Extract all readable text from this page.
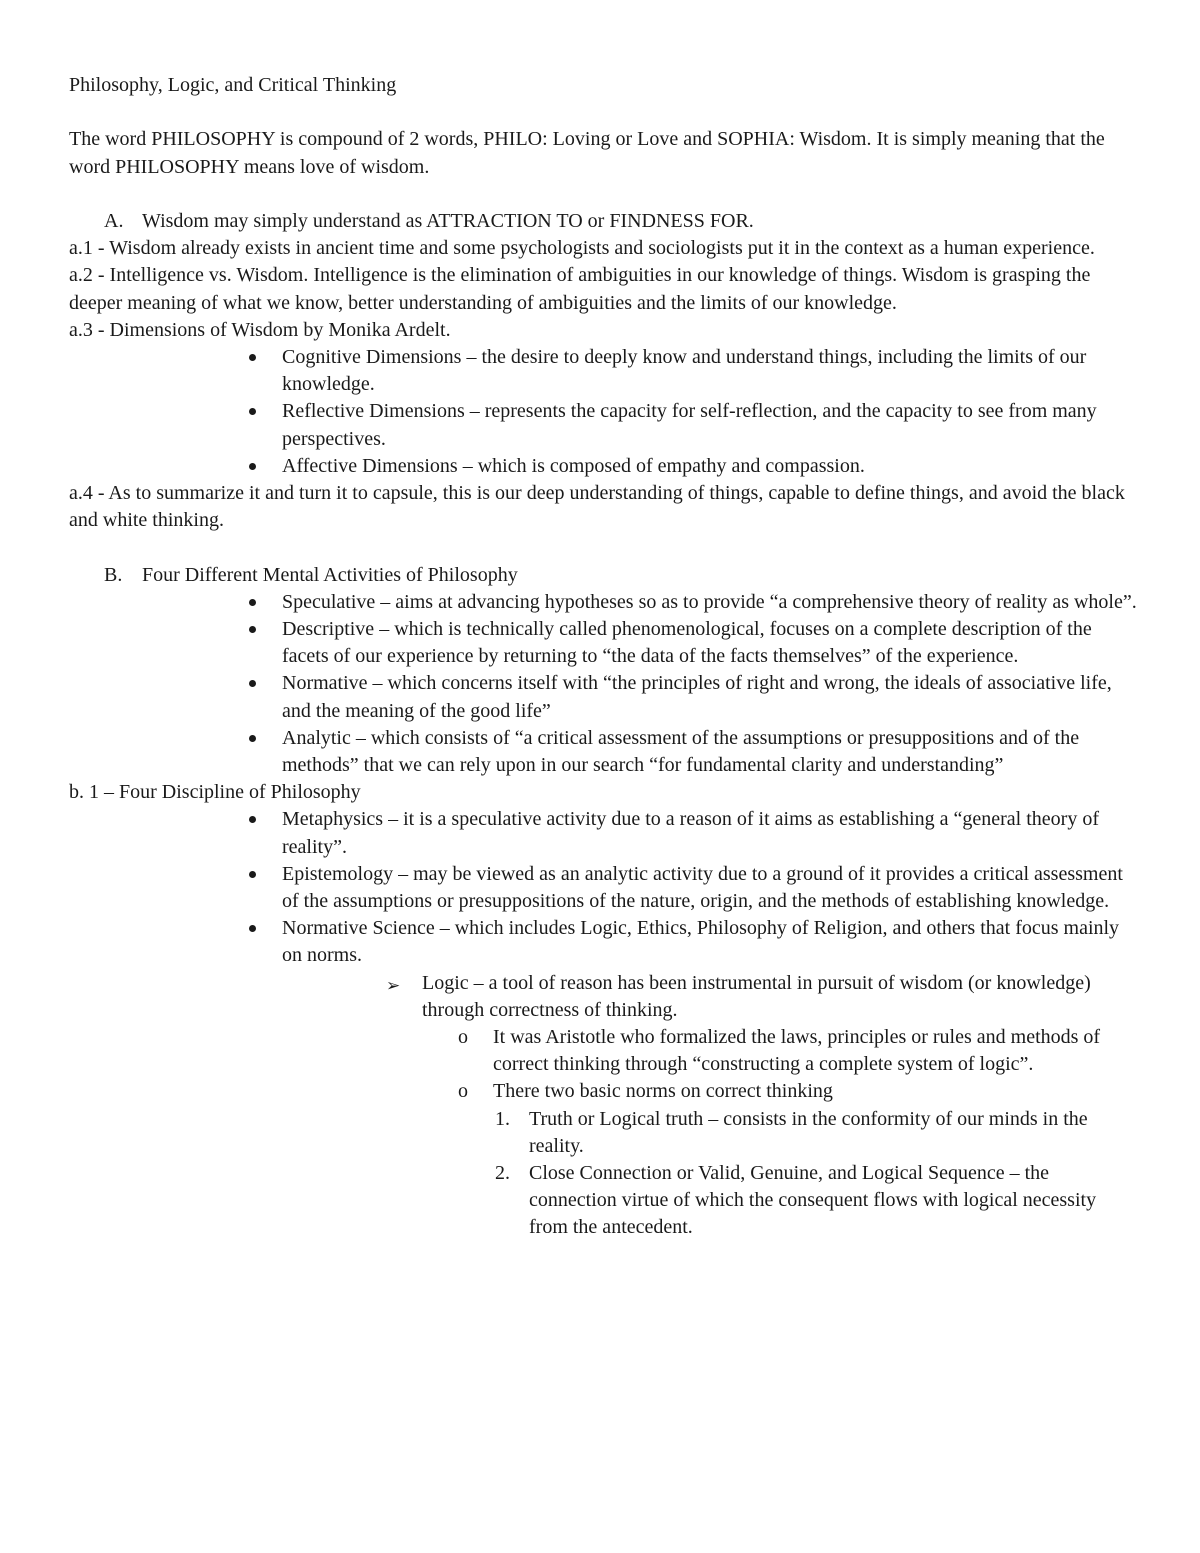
Philosophy, Logic, and Critical Thinking

The word PHILOSOPHY is compound of 2 words, PHILO: Loving or Love and SOPHIA: Wisdom. It is simply meaning that the word PHILOSOPHY means love of wisdom.

A. Wisdom may simply understand as ATTRACTION TO or FINDNESS FOR.

a.1 - Wisdom already exists in ancient time and some psychologists and sociologists put it in the context as a human experience.

a.2 - Intelligence vs. Wisdom. Intelligence is the elimination of ambiguities in our knowledge of things. Wisdom is grasping the deeper meaning of what we know, better understanding of ambiguities and the limits of our knowledge.

a.3 - Dimensions of Wisdom by Monika Ardelt.

Cognitive Dimensions – the desire to deeply know and understand things, including the limits of our knowledge.
Reflective Dimensions – represents the capacity for self-reflection, and the capacity to see from many perspectives.
Affective Dimensions – which is composed of empathy and compassion.

a.4 - As to summarize it and turn it to capsule, this is our deep understanding of things, capable to define things, and avoid the black and white thinking.

B. Four Different Mental Activities of Philosophy
Speculative – aims at advancing hypotheses so as to provide “a comprehensive theory of reality as whole”.
Descriptive – which is technically called phenomenological, focuses on a complete description of the facets of our experience by returning to “the data of the facts themselves” of the experience.
Normative – which concerns itself with “the principles of right and wrong, the ideals of associative life, and the meaning of the good life”
Analytic – which consists of “a critical assessment of the assumptions or presuppositions and of the methods” that we can rely upon in our search “for fundamental clarity and understanding”

b. 1 – Four Discipline of Philosophy

Metaphysics – it is a speculative activity due to a reason of it aims as establishing a “general theory of reality”.
Epistemology – may be viewed as an analytic activity due to a ground of it provides a critical assessment of the assumptions or presuppositions of the nature, origin, and the methods of establishing knowledge.
Normative Science – which includes Logic, Ethics, Philosophy of Religion, and others that focus mainly on norms.
➢ Logic – a tool of reason has been instrumental in pursuit of wisdom (or knowledge) through correctness of thinking.
o It was Aristotle who formalized the laws, principles or rules and methods of correct thinking through “constructing a complete system of logic”.
o There two basic norms on correct thinking
1. Truth or Logical truth – consists in the conformity of our minds in the reality.
2. Close Connection or Valid, Genuine, and Logical Sequence – the connection virtue of which the consequent flows with logical necessity from the antecedent.
